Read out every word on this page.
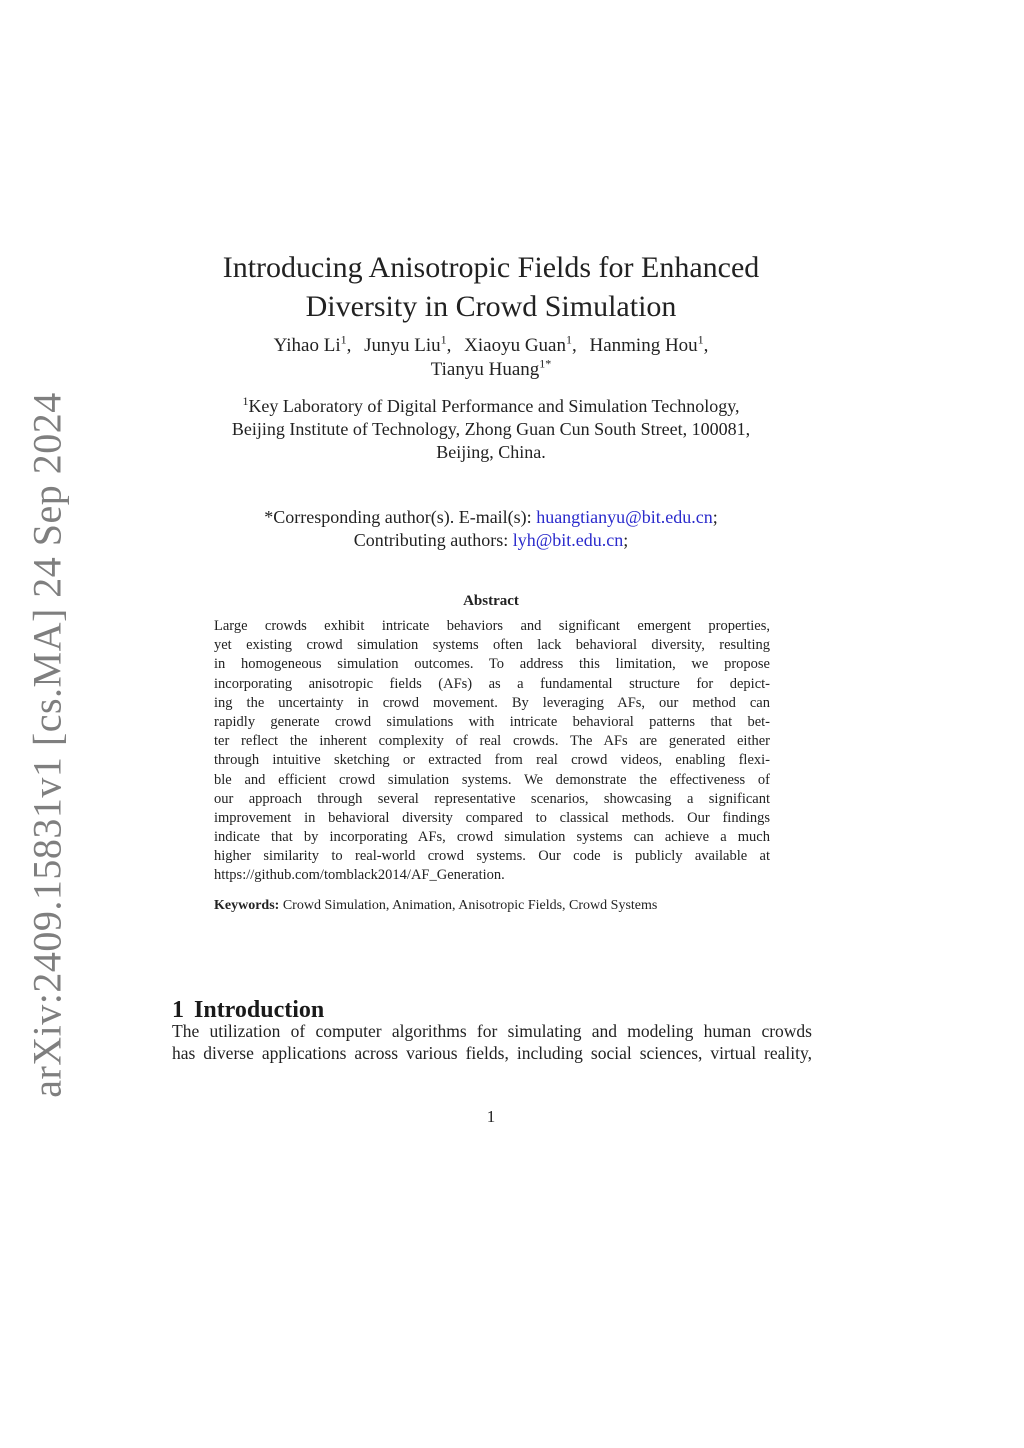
arXiv:2409.15831v1 [cs.MA] 24 Sep 2024
Introducing Anisotropic Fields for Enhanced
Diversity in Crowd Simulation
Yihao Li$^1$, Junyu Liu$^1$, Xiaoyu Guan$^1$, Hanming Hou$^1$,
Tianyu Huang$^{1*}$
$^1$Key Laboratory of Digital Performance and Simulation Technology,
Beijing Institute of Technology, Zhong Guan Cun South Street, 100081,
Beijing, China.
*Corresponding author(s). E-mail(s): huangtianyu@bit.edu.cn;
Contributing authors: lyh@bit.edu.cn;
Abstract
Large crowds exhibit intricate behaviors and significant emergent properties,
yet existing crowd simulation systems often lack behavioral diversity, resulting
in homogeneous simulation outcomes. To address this limitation, we propose
incorporating anisotropic fields (AFs) as a fundamental structure for depict-
ing the uncertainty in crowd movement. By leveraging AFs, our method can
rapidly generate crowd simulations with intricate behavioral patterns that bet-
ter reflect the inherent complexity of real crowds. The AFs are generated either
through intuitive sketching or extracted from real crowd videos, enabling flexi-
ble and efficient crowd simulation systems. We demonstrate the effectiveness of
our approach through several representative scenarios, showcasing a significant
improvement in behavioral diversity compared to classical methods. Our findings
indicate that by incorporating AFs, crowd simulation systems can achieve a much
higher similarity to real-world crowd systems. Our code is publicly available at
https://github.com/tomblack2014/AF_Generation.
Keywords: Crowd Simulation, Animation, Anisotropic Fields, Crowd Systems
1 Introduction
The utilization of computer algorithms for simulating and modeling human crowds
has diverse applications across various fields, including social sciences, virtual reality,
1
